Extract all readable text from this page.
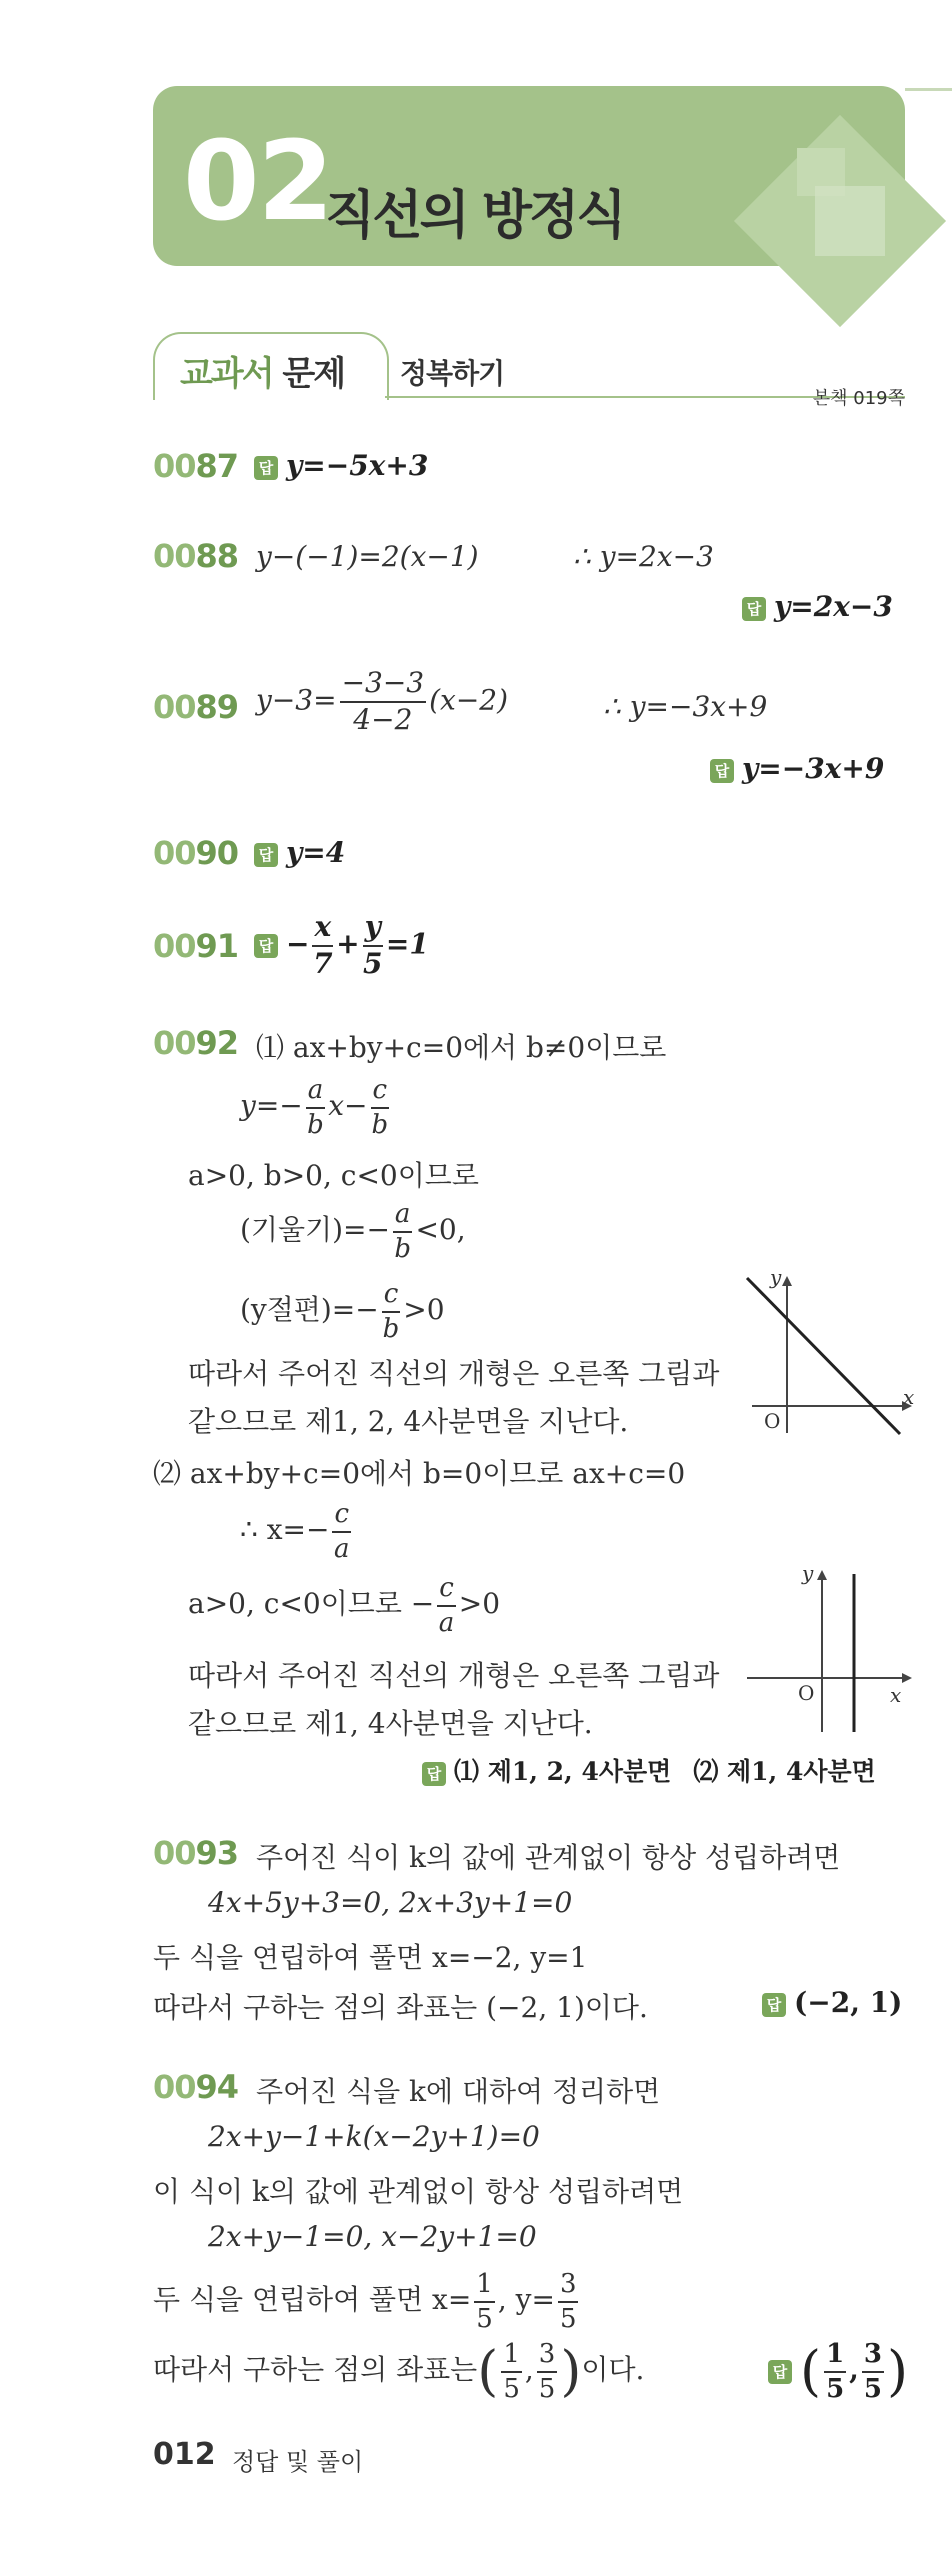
02
직선의 방정식
교과서 문제 정복하기
본책 019쪽
0087	답 y=−5x+3
0088 y−(−1)=2(x−1)	∴ y=2x−3
답 y=2x−3
0089 $y-3= \frac{-3-3}{4-2} (x-2)$	∴ y=−3x+9
답 y=−3x+9
0090	답 y=4
0091	답 − $\frac{x}{7} + \frac{y}{5} =1$
0092 ⑴ ax+by+c=0에서 b≠0이므로
$y=- \frac{a}{b} x- \frac{c}{b}$
a>0, b>0, c<0이므로
(기울기)=− $\frac{a}{b} <0$,
(y절편)=− $\frac{c}{b} >0$
따라서 주어진 직선의 개형은 오른쪽 그림과
같으므로 제1, 2, 4사분면을 지난다.
x
y
O
⑵ ax+by+c=0에서 b=0이므로 ax+c=0
∴ $x=- \frac{c}{a}$
a>0, c<0이므로 − $\frac{c}{a} >0$
따라서 주어진 직선의 개형은 오른쪽 그림과
같으므로 제1, 4사분면을 지난다.
x
y
O
답 ⑴ 제1, 2, 4사분면 ⑵ 제1, 4사분면
0093 주어진 식이 k의 값에 관계없이 항상 성립하려면
4x+5y+3=0, 2x+3y+1=0
두 식을 연립하여 풀면 x=−2, y=1
따라서 구하는 점의 좌표는 (−2, 1)이다.	답 (−2, 1)
0094 주어진 식을 k에 대하여 정리하면
2x+y−1+k(x−2y+1)=0
이 식이 k의 값에 관계없이 항상 성립하려면
2x+y−1=0, x−2y+1=0
두 식을 연립하여 풀면 $x= \frac{1}{5}$ , $y= \frac{3}{5}$
따라서 구하는 점의 좌표는( $\frac{1}{5}$ , $\frac{3}{5}$ )이다.	답 ( $\frac{1}{5}$ , $\frac{3}{5}$ )
012 정답 및 풀이
